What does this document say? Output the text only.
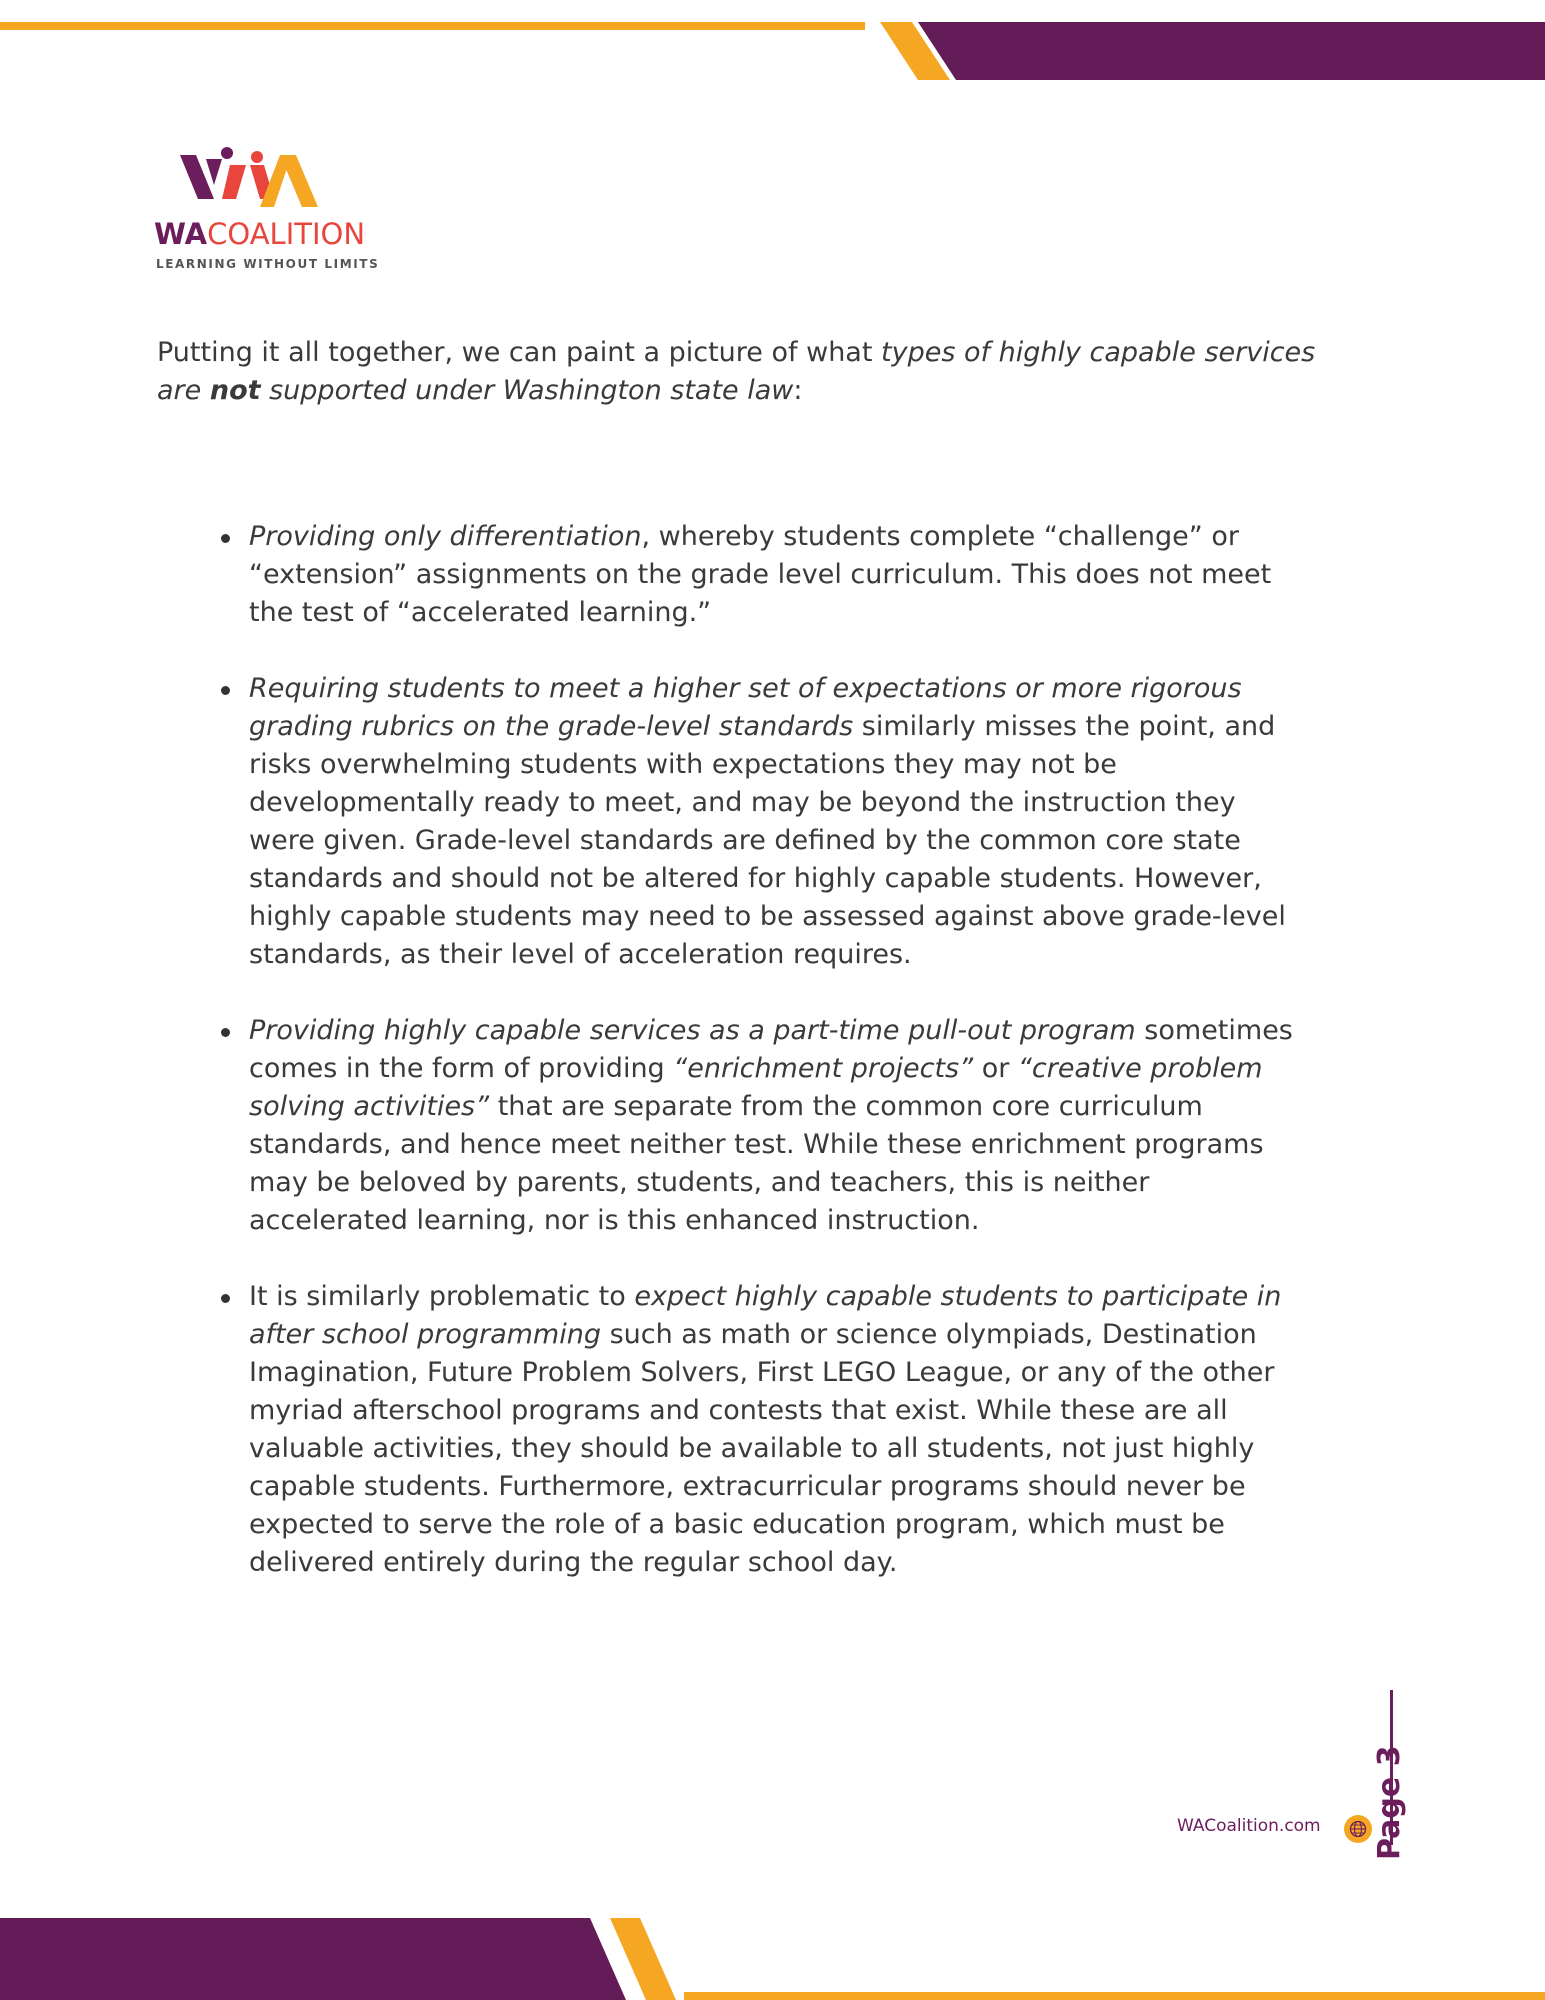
WACOALITION
LEARNING WITHOUT LIMITS

Putting it all together, we can paint a picture of what types of highly capable services
are not supported under Washington state law:

Providing only differentiation, whereby students complete “challenge” or “extension” assignments on the grade level curriculum. This does not meet the test of “accelerated learning.”
Requiring students to meet a higher set of expectations or more rigorous grading rubrics on the grade-level standards similarly misses the point, and risks overwhelming students with expectations they may not be developmentally ready to meet, and may be beyond the instruction they were given. Grade-level standards are defined by the common core state standards and should not be altered for highly capable students. However, highly capable students may need to be assessed against above grade-level standards, as their level of acceleration requires.
Providing highly capable services as a part-time pull-out program sometimes comes in the form of providing “enrichment projects” or “creative problem solving activities” that are separate from the common core curriculum standards, and hence meet neither test. While these enrichment programs may be beloved by parents, students, and teachers, this is neither accelerated learning, nor is this enhanced instruction.
It is similarly problematic to expect highly capable students to participate in after school programming such as math or science olympiads, Destination Imagination, Future Problem Solvers, First LEGO League, or any of the other myriad afterschool programs and contests that exist. While these are all valuable activities, they should be available to all students, not just highly capable students. Furthermore, extracurricular programs should never be expected to serve the role of a basic education program, which must be delivered entirely during the regular school day.
WACoalition.com Page 3
